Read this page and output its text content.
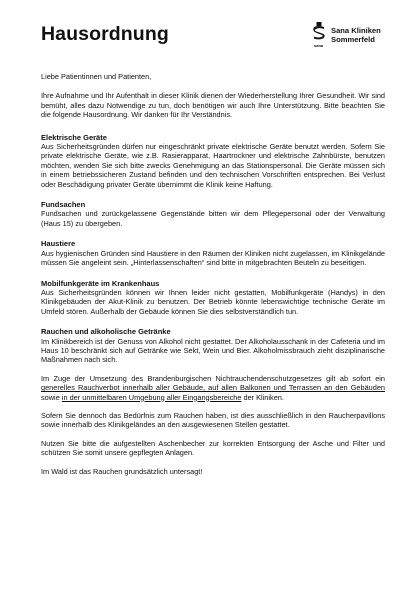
Hausordnung
sana
Sana Kliniken
Sommerfeld

Liebe Patientinnen und Patienten,

Ihre Aufnahme und Ihr Aufenthalt in dieser Klinik dienen der Wiederherstellung Ihrer Gesundheit. Wir sind bemüht, alles dazu Notwendige zu tun, doch benötigen wir auch Ihre Unterstützung. Bitte beachten Sie die folgende Hausordnung. Wir danken für Ihr Verständnis.

Elektrische Geräte

Aus Sicherheitsgründen dürfen nur eingeschränkt private elektrische Geräte benutzt werden. Sofern Sie private elektrische Geräte, wie z.B. Rasierapparat, Haartrockner und elektrische Zahnbürste, benutzen möchten, wenden Sie sich bitte zwecks Genehmigung an das Stationspersonal. Die Geräte müssen sich in einem betriebssicheren Zustand befinden und den technischen Vorschriften entsprechen. Bei Verlust oder Beschädigung privater Geräte übernimmt die Klinik keine Haftung.

Fundsachen

Fundsachen und zurückgelassene Gegenstände bitten wir dem Pflegepersonal oder der Verwaltung (Haus 15) zu übergeben.

Haustiere

Aus hygienischen Gründen sind Haustiere in den Räumen der Kliniken nicht zugelassen, im Klinikgelände müssen Sie angeleint sein. „Hinterlassenschaften“ sind bitte in mitgebrachten Beuteln zu beseitigen.

Mobilfunkgeräte im Krankenhaus

Aus Sicherheitsgründen können wir Ihnen leider nicht gestatten, Mobilfunkgeräte (Handys) in den Klinikgebäuden der Akut-Klinik zu benutzen. Der Betrieb könnte lebenswichtige technische Geräte im Umfeld stören. Außerhalb der Gebäude können Sie dies selbstverständlich tun.

Rauchen und alkoholische Getränke

Im Klinikbereich ist der Genuss von Alkohol nicht gestattet. Der Alkoholausschank in der Cafeteria und im Haus 10 beschränkt sich auf Getränke wie Sekt, Wein und Bier. Alkoholmissbrauch zieht disziplinarische Maßnahmen nach sich.

Im Zuge der Umsetzung des Brandenburgischen Nichtrauchendenschutzgesetzes gilt ab sofort ein generelles Rauchverbot innerhalb aller Gebäude, auf allen Balkonen und Terrassen an den Gebäuden sowie in der unmittelbaren Umgebung aller Eingangsbereiche der Kliniken.

Sofern Sie dennoch das Bedürfnis zum Rauchen haben, ist dies ausschließlich in den Raucherpavillons sowie innerhalb des Klinikgeländes an den ausgewiesenen Stellen gestattet.

Nutzen Sie bitte die aufgestellten Aschenbecher zur korrekten Entsorgung der Asche und Filter und schützen Sie somit unsere gepflegten Anlagen.

Im Wald ist das Rauchen grundsätzlich untersagt!
